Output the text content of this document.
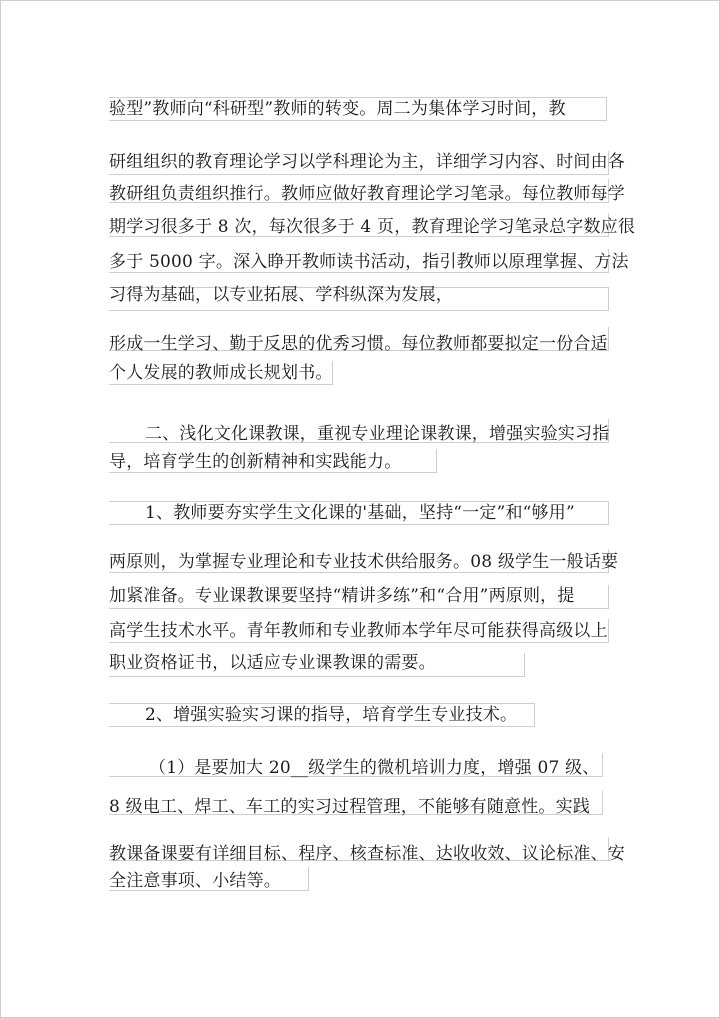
验型”教师向“科研型”教师的转变。周二为集体学习时间，教
研组组织的教育理论学习以学科理论为主，详细学习内容、时间由各
教研组负责组织推行。教师应做好教育理论学习笔录。每位教师每学
期学习很多于 8 次，每次很多于 4 页，教育理论学习笔录总字数应很
多于 5000 字。深入睁开教师读书活动，指引教师以原理掌握、方法
习得为基础，以专业拓展、学科纵深为发展，
形成一生学习、勤于反思的优秀习惯。每位教师都要拟定一份合适
个人发展的教师成长规划书。
二、浅化文化课教课，重视专业理论课教课，增强实验实习指
导，培育学生的创新精神和实践能力。
1、教师要夯实学生文化课的'基础，坚持“一定”和“够用”
两原则，为掌握专业理论和专业技术供给服务。08 级学生一般话要
加紧准备。专业课教课要坚持“精讲多练”和“合用”两原则，提
高学生技术水平。青年教师和专业教师本学年尽可能获得高级以上
职业资格证书，以适应专业课教课的需要。
2、增强实验实习课的指导，培育学生专业技术。
（1）是要加大 20__级学生的微机培训力度，增强 07 级、
8 级电工、焊工、车工的实习过程管理，不能够有随意性。实践
教课备课要有详细目标、程序、核查标准、达收收效、议论标准、安
全注意事项、小结等。
